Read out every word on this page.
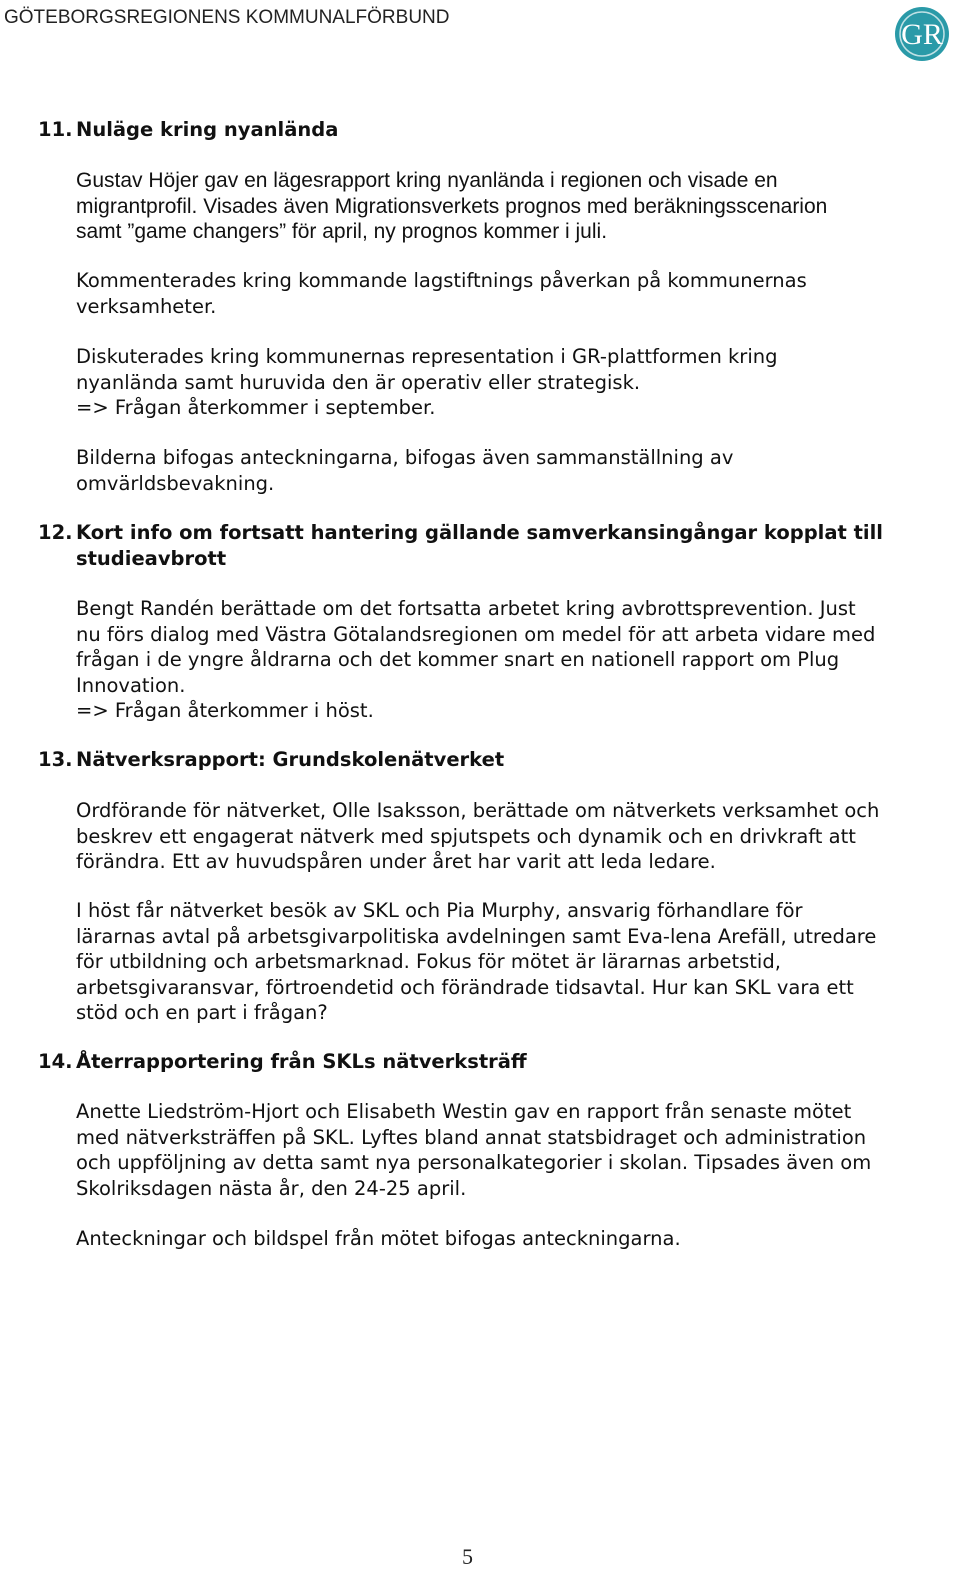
GÖTEBORGSREGIONENS KOMMUNALFÖRBUND
GR
11. Nuläge kring nyanlända
Gustav Höjer gav en lägesrapport kring nyanlända i regionen och visade en
migrantprofil. Visades även Migrationsverkets prognos med beräkningsscenarion
samt ”game changers” för april, ny prognos kommer i juli.
Kommenterades kring kommande lagstiftnings påverkan på kommunernas
verksamheter.
Diskuterades kring kommunernas representation i GR-plattformen kring
nyanlända samt huruvida den är operativ eller strategisk.
=> Frågan återkommer i september.
Bilderna bifogas anteckningarna, bifogas även sammanställning av
omvärldsbevakning.
12. Kort info om fortsatt hantering gällande samverkansingångar kopplat till
studieavbrott
Bengt Randén berättade om det fortsatta arbetet kring avbrottsprevention. Just
nu förs dialog med Västra Götalandsregionen om medel för att arbeta vidare med
frågan i de yngre åldrarna och det kommer snart en nationell rapport om Plug
Innovation.
=> Frågan återkommer i höst.
13. Nätverksrapport: Grundskolenätverket
Ordförande för nätverket, Olle Isaksson, berättade om nätverkets verksamhet och
beskrev ett engagerat nätverk med spjutspets och dynamik och en drivkraft att
förändra. Ett av huvudspåren under året har varit att leda ledare.
I höst får nätverket besök av SKL och Pia Murphy, ansvarig förhandlare för
lärarnas avtal på arbetsgivarpolitiska avdelningen samt Eva-lena Arefäll, utredare
för utbildning och arbetsmarknad. Fokus för mötet är lärarnas arbetstid,
arbetsgivaransvar, förtroendetid och förändrade tidsavtal. Hur kan SKL vara ett
stöd och en part i frågan?
14. Återrapportering från SKLs nätverksträff
Anette Liedström-Hjort och Elisabeth Westin gav en rapport från senaste mötet
med nätverksträffen på SKL. Lyftes bland annat statsbidraget och administration
och uppföljning av detta samt nya personalkategorier i skolan. Tipsades även om
Skolriksdagen nästa år, den 24-25 april.
Anteckningar och bildspel från mötet bifogas anteckningarna.
5
